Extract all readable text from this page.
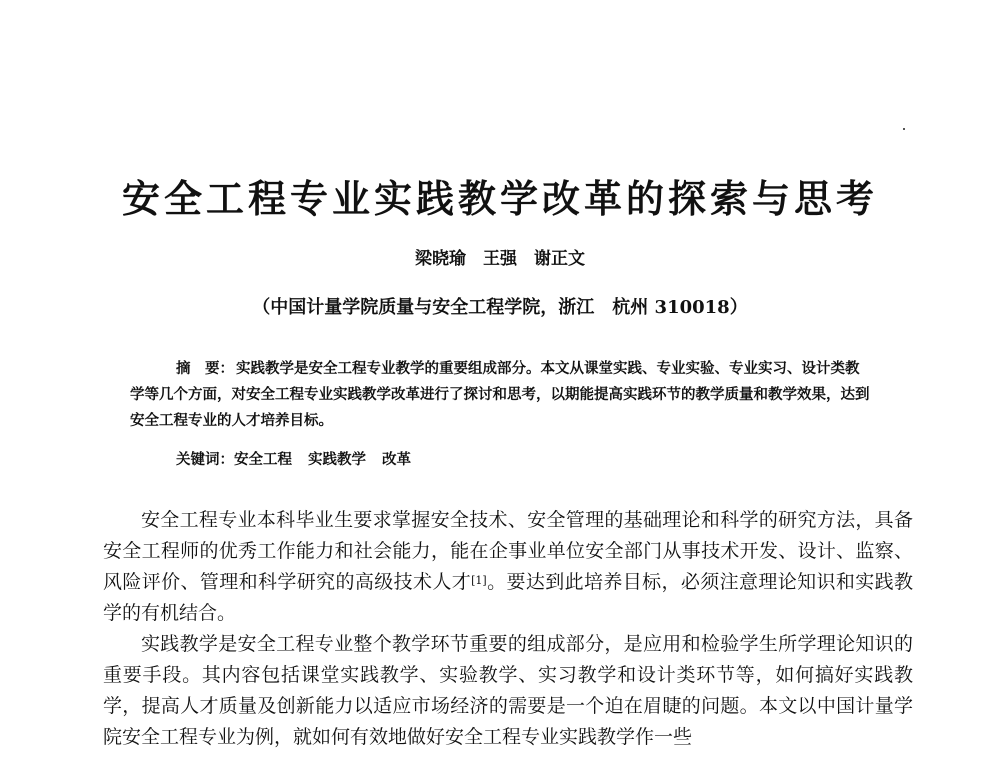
安全工程专业实践教学改革的探索与思考
梁晓瑜　王强　谢正文
（中国计量学院质量与安全工程学院，浙江　杭州 310018）

摘　要： 实践教学是安全工程专业教学的重要组成部分。本文从课堂实践、专业实验、专业实习、设计类教学等几个方面，对安全工程专业实践教学改革进行了探讨和思考，以期能提高实践环节的教学质量和教学效果，达到安全工程专业的人才培养目标。

关键词：安全工程 实践教学 改革

安全工程专业本科毕业生要求掌握安全技术、安全管理的基础理论和科学的研究方法，具备安全工程师的优秀工作能力和社会能力，能在企事业单位安全部门从事技术开发、设计、监察、风险评价、管理和科学研究的高级技术人才[1]。要达到此培养目标，必须注意理论知识和实践教学的有机结合。

实践教学是安全工程专业整个教学环节重要的组成部分，是应用和检验学生所学理论知识的重要手段。其内容包括课堂实践教学、实验教学、实习教学和设计类环节等，如何搞好实践教学，提高人才质量及创新能力以适应市场经济的需要是一个迫在眉睫的问题。本文以中国计量学院安全工程专业为例，就如何有效地做好安全工程专业实践教学作一些
